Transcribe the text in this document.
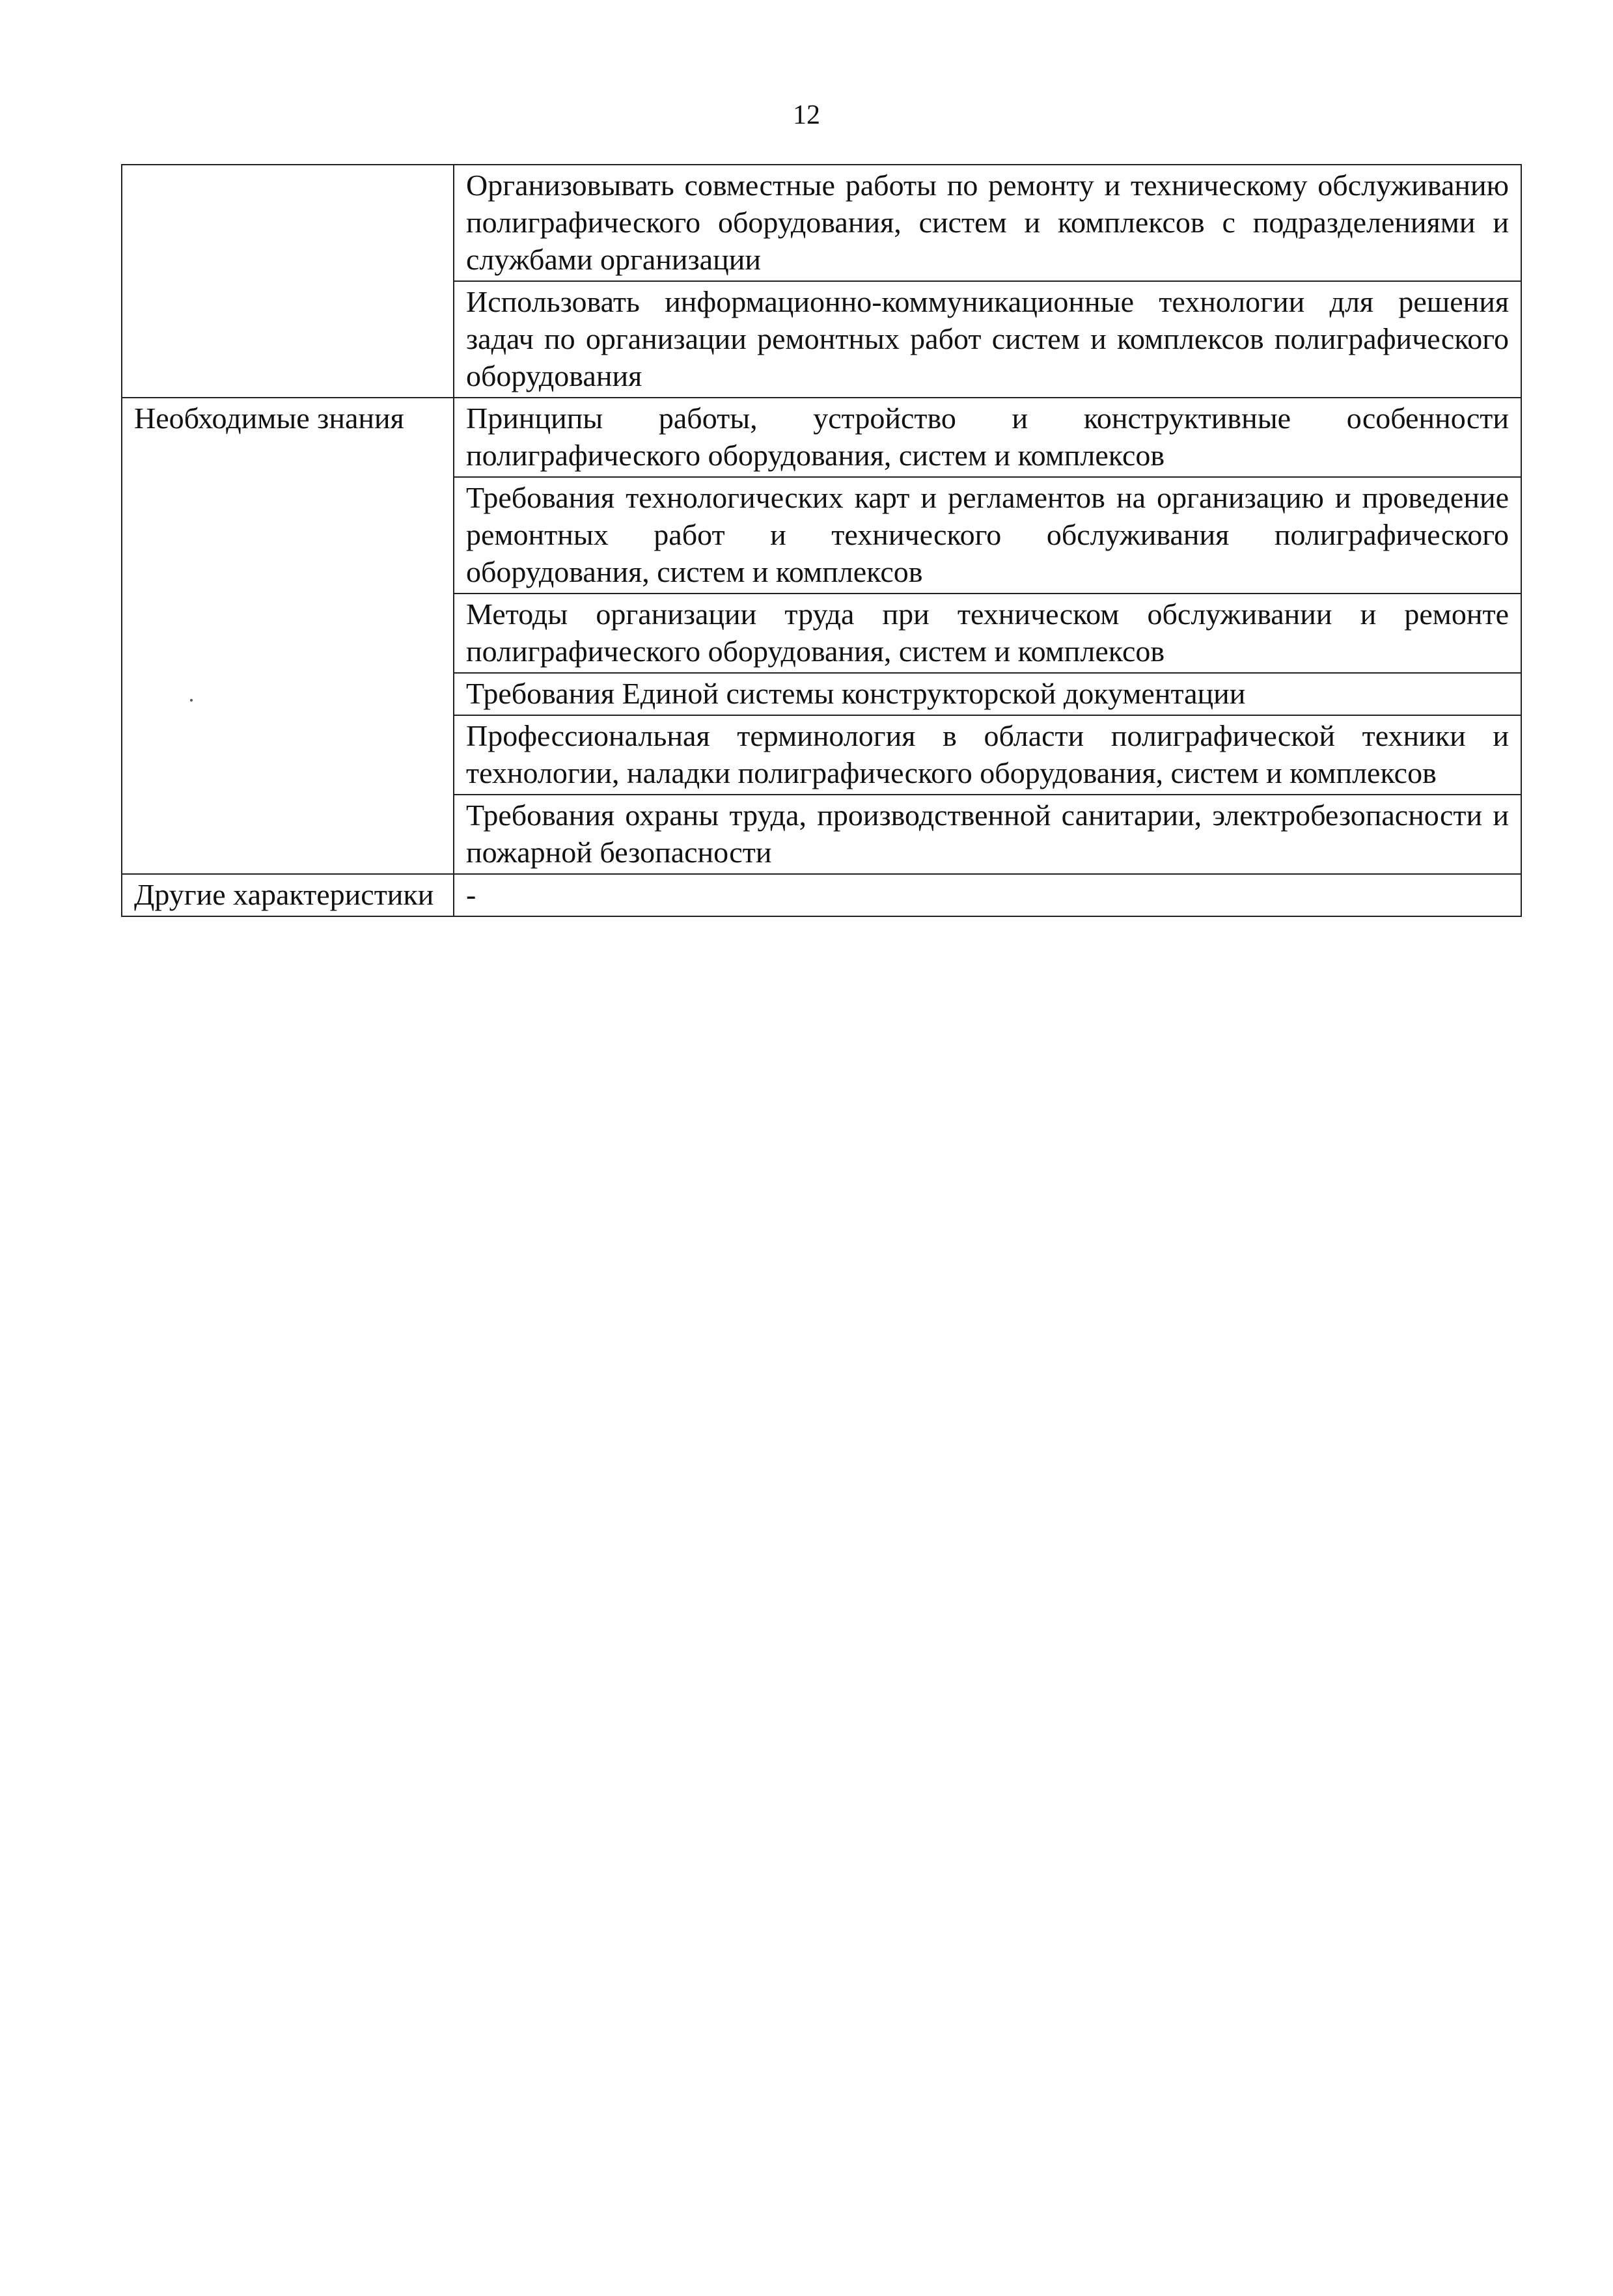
12
	Организовывать совместные работы по ремонту и техническому обслуживанию полиграфического оборудования, систем и комплексов с подразделениями и службами организации
	Использовать информационно-коммуникационные технологии для решения задач по организации ремонтных работ систем и комплексов полиграфического оборудования
Необходимые знания	Принципы работы, устройство и конструктивные особенности полиграфического оборудования, систем и комплексов
	Требования технологических карт и регламентов на организацию и проведение ремонтных работ и технического обслуживания полиграфического оборудования, систем и комплексов
	Методы организации труда при техническом обслуживании и ремонте полиграфического оборудования, систем и комплексов
	Требования Единой системы конструкторской документации
	Профессиональная терминология в области полиграфической техники и технологии, наладки полиграфического оборудования, систем и комплексов
	Требования охраны труда, производственной санитарии, электробезопасности и пожарной безопасности
Другие характеристики	-
